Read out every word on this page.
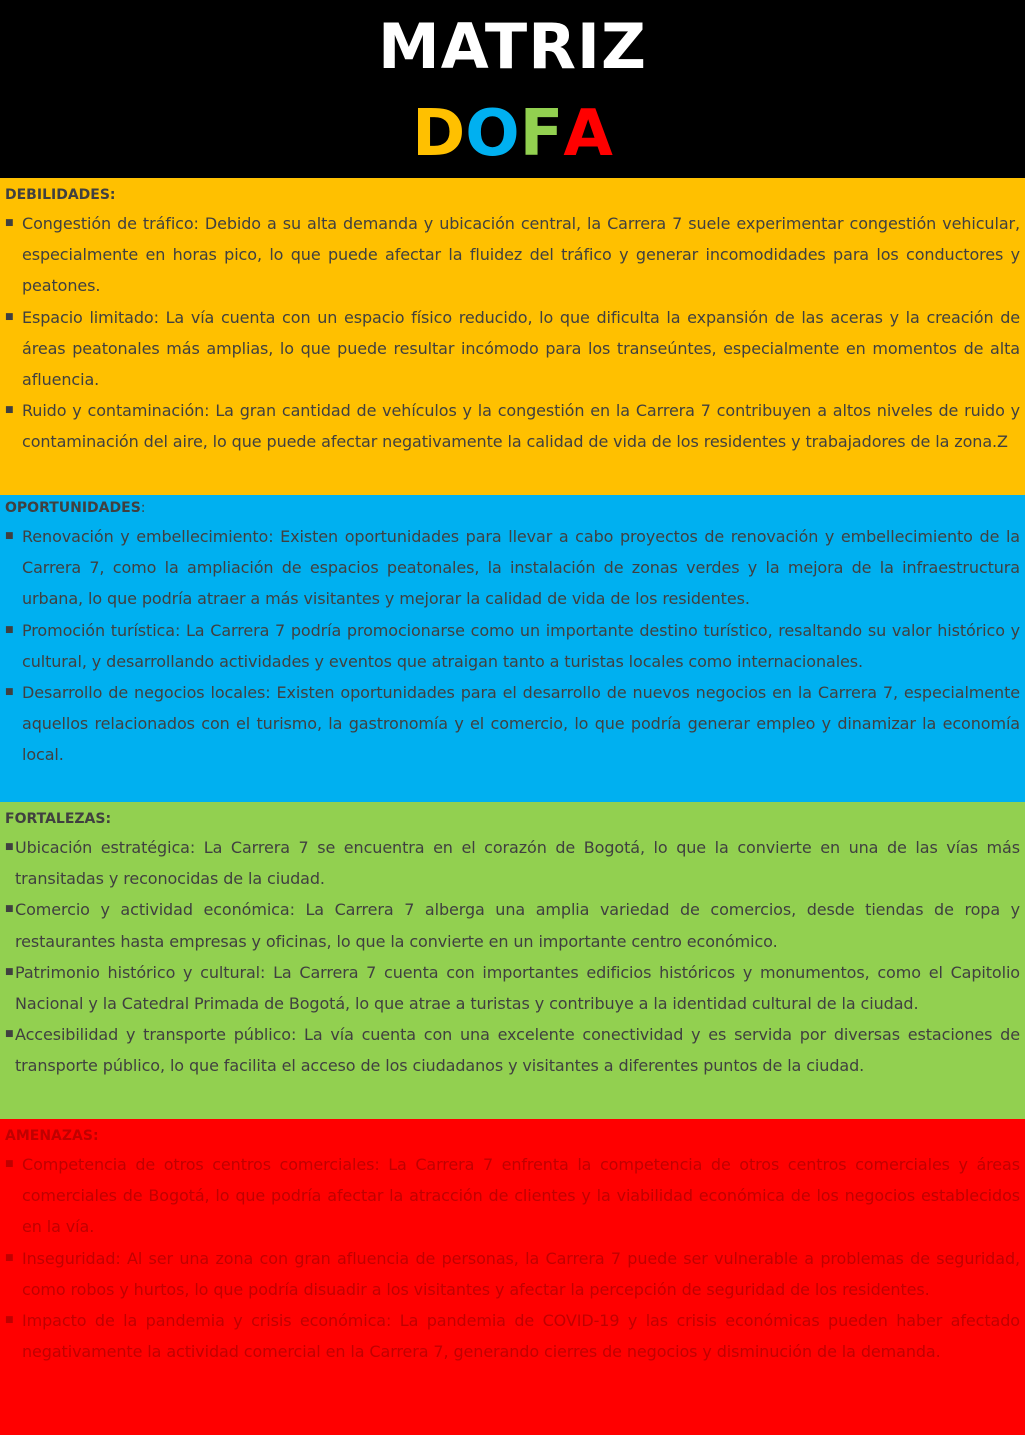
MATRIZ
DOFA
DEBILIDADES:
■ Congestión de tráfico: Debido a su alta demanda y ubicación central, la Carrera 7 suele experimentar congestión vehicular, especialmente en horas pico, lo que puede afectar la fluidez del tráfico y generar incomodidades para los conductores y peatones.
■ Espacio limitado: La vía cuenta con un espacio físico reducido, lo que dificulta la expansión de las aceras y la creación de áreas peatonales más amplias, lo que puede resultar incómodo para los transeúntes, especialmente en momentos de alta afluencia.
■ Ruido y contaminación: La gran cantidad de vehículos y la congestión en la Carrera 7 contribuyen a altos niveles de ruido y contaminación del aire, lo que puede afectar negativamente la calidad de vida de los residentes y trabajadores de la zona.Z
OPORTUNIDADES:
■ Renovación y embellecimiento: Existen oportunidades para llevar a cabo proyectos de renovación y embellecimiento de la Carrera 7, como la ampliación de espacios peatonales, la instalación de zonas verdes y la mejora de la infraestructura urbana, lo que podría atraer a más visitantes y mejorar la calidad de vida de los residentes.
■ Promoción turística: La Carrera 7 podría promocionarse como un importante destino turístico, resaltando su valor histórico y cultural, y desarrollando actividades y eventos que atraigan tanto a turistas locales como internacionales.
■ Desarrollo de negocios locales: Existen oportunidades para el desarrollo de nuevos negocios en la Carrera 7, especialmente aquellos relacionados con el turismo, la gastronomía y el comercio, lo que podría generar empleo y dinamizar la economía local.
FORTALEZAS:
■ Ubicación estratégica: La Carrera 7 se encuentra en el corazón de Bogotá, lo que la convierte en una de las vías más transitadas y reconocidas de la ciudad.
■ Comercio y actividad económica: La Carrera 7 alberga una amplia variedad de comercios, desde tiendas de ropa y restaurantes hasta empresas y oficinas, lo que la convierte en un importante centro económico.
■ Patrimonio histórico y cultural: La Carrera 7 cuenta con importantes edificios históricos y monumentos, como el Capitolio Nacional y la Catedral Primada de Bogotá, lo que atrae a turistas y contribuye a la identidad cultural de la ciudad.
■ Accesibilidad y transporte público: La vía cuenta con una excelente conectividad y es servida por diversas estaciones de transporte público, lo que facilita el acceso de los ciudadanos y visitantes a diferentes puntos de la ciudad.
AMENAZAS:
■ Competencia de otros centros comerciales: La Carrera 7 enfrenta la competencia de otros centros comerciales y áreas comerciales de Bogotá, lo que podría afectar la atracción de clientes y la viabilidad económica de los negocios establecidos en la vía.
■ Inseguridad: Al ser una zona con gran afluencia de personas, la Carrera 7 puede ser vulnerable a problemas de seguridad, como robos y hurtos, lo que podría disuadir a los visitantes y afectar la percepción de seguridad de los residentes.
■ Impacto de la pandemia y crisis económica: La pandemia de COVID-19 y las crisis económicas pueden haber afectado negativamente la actividad comercial en la Carrera 7, generando cierres de negocios y disminución de la demanda.
